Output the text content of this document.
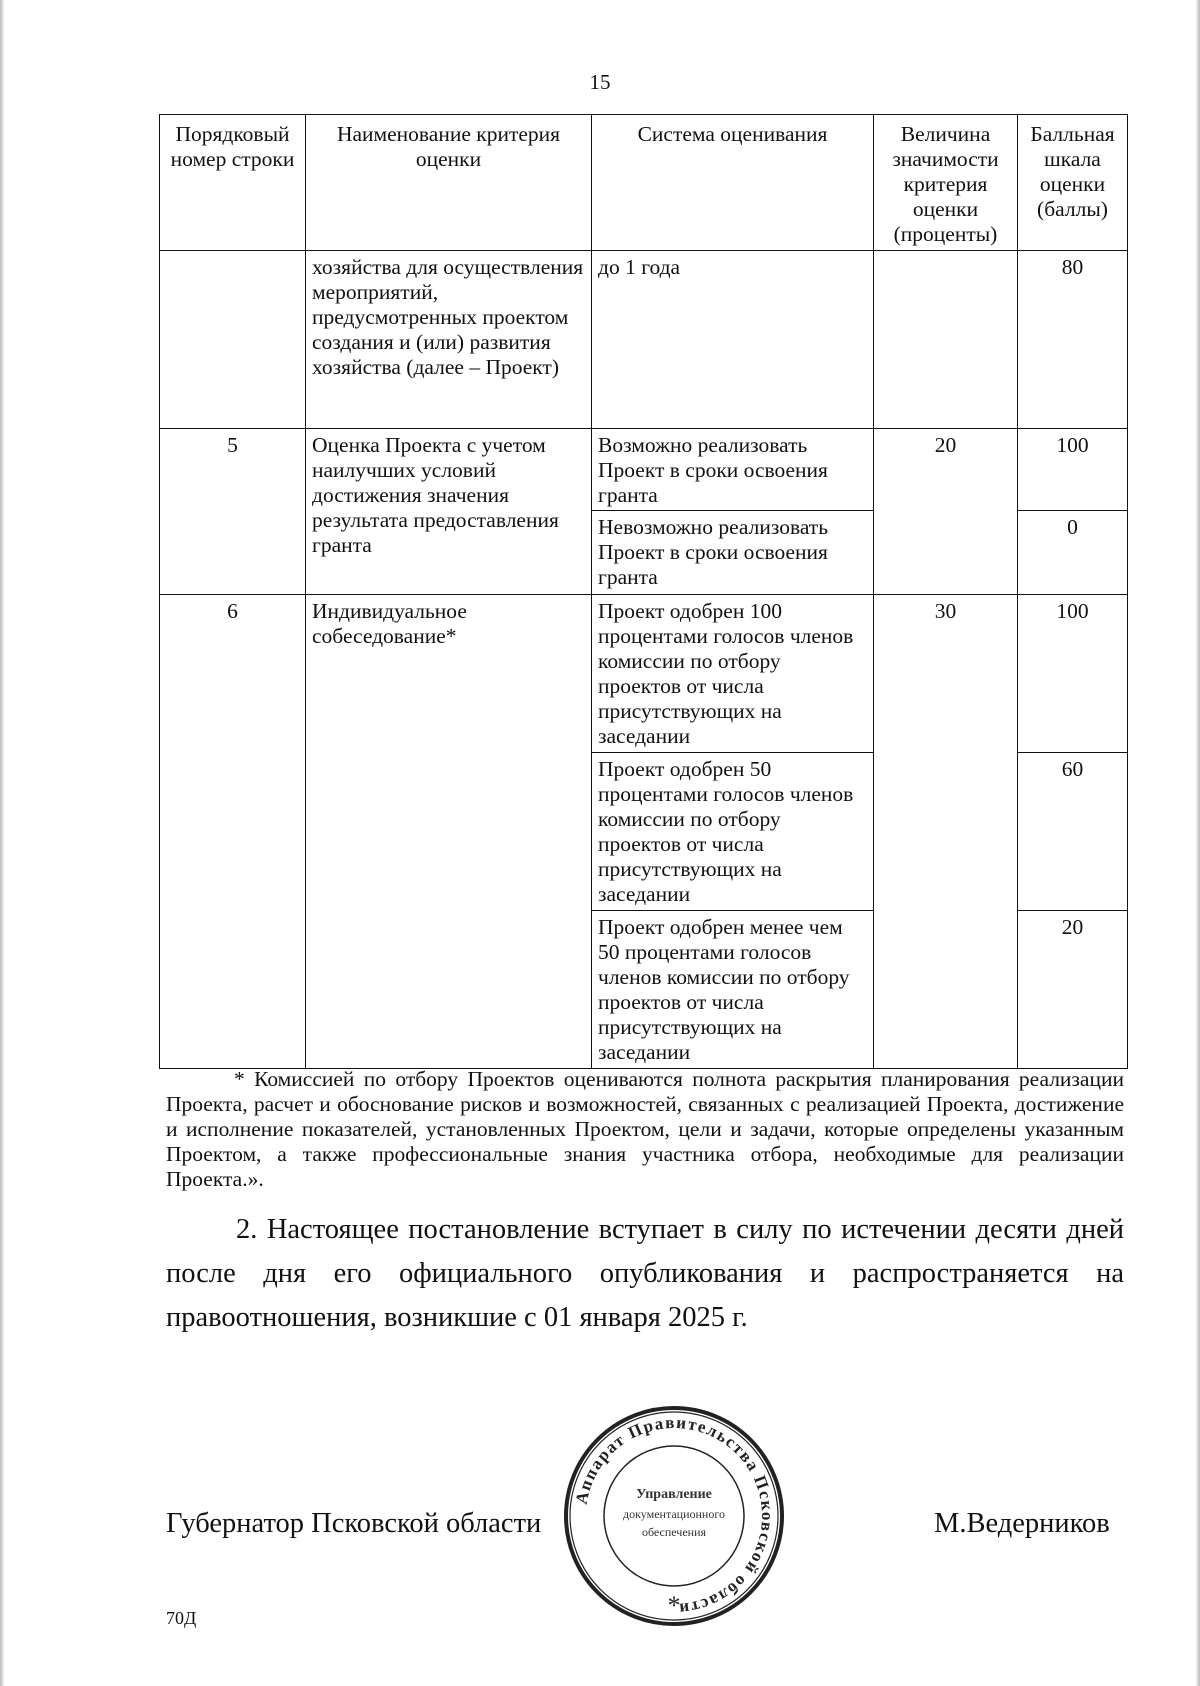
15
Порядковый номер строки	Наименование критерия оценки	Система оценивания	Величина значимости критерия оценки (проценты)	Балльная шкала оценки (баллы)
	хозяйства для осуществления мероприятий, предусмотренных проектом создания и (или) развития хозяйства (далее – Проект)	до 1 года		80
5	Оценка Проекта с учетом наилучших условий достижения значения результата предоставления гранта	Возможно реализовать Проект в сроки освоения гранта	20	100
		Невозможно реализовать Проект в сроки освоения гранта		0
6	Индивидуальное собеседование*	Проект одобрен 100 процентами голосов членов комиссии по отбору проектов от числа присутствующих на заседании	30	100
		Проект одобрен 50 процентами голосов членов комиссии по отбору проектов от числа присутствующих на заседании		60
		Проект одобрен менее чем 50 процентами голосов членов комиссии по отбору проектов от числа присутствующих на заседании		20
* Комиссией по отбору Проектов оцениваются полнота раскрытия планирования реализации Проекта, расчет и обоснование рисков и возможностей, связанных с реализацией Проекта, достижение и исполнение показателей, установленных Проектом, цели и задачи, которые определены указанным Проектом, а также профессиональные знания участника отбора, необходимые для реализации Проекта.».
2. Настоящее постановление вступает в силу по истечении десяти дней после дня его официального опубликования и распространяется на правоотношения, возникшие с 01 января 2025 г.
Губернатор Псковской области	М.Ведерников
Аппарат Правительства Псковской области
Управление
документационного
обеспечения
*
70Д
